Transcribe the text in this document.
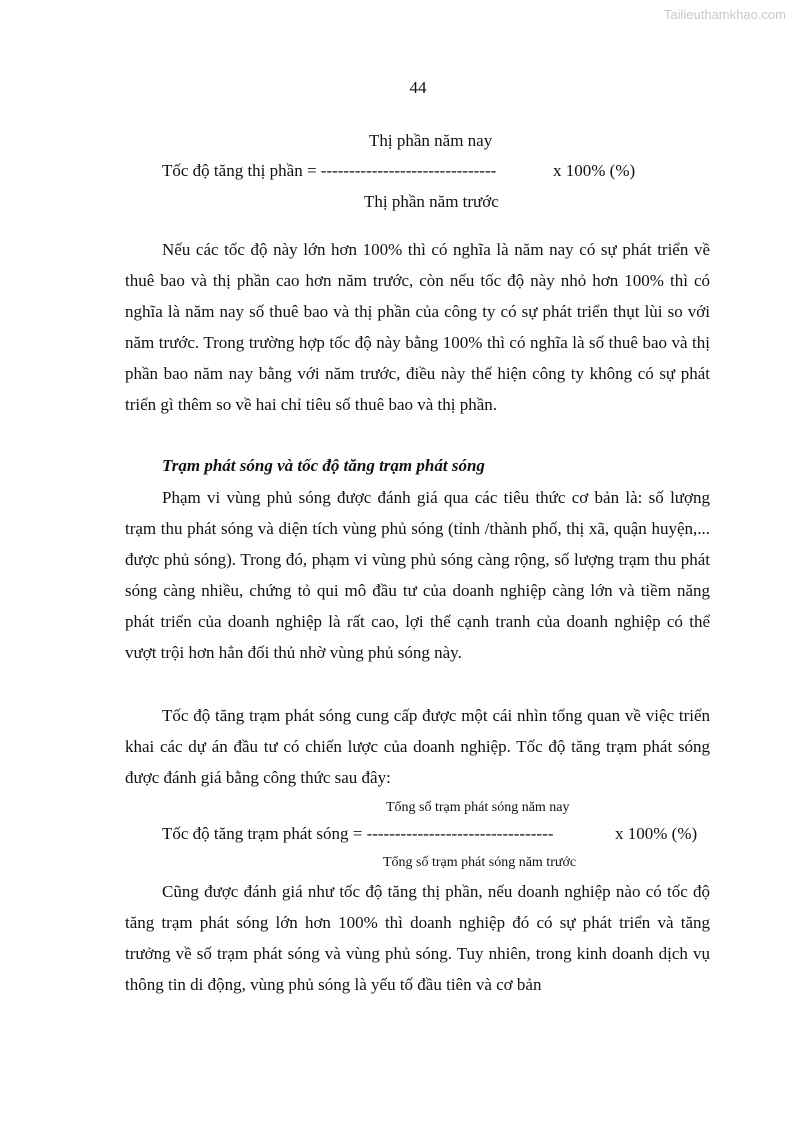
Tailieuthamkhao.com
44
Thị phần năm nay
Tốc độ tăng thị phần = -------------------------------	x 100% (%)
Thị phần năm trước

Nếu các tốc độ này lớn hơn 100% thì có nghĩa là năm nay có sự phát triển về thuê bao và thị phần cao hơn năm trước, còn nếu tốc độ này nhỏ hơn 100% thì có nghĩa là năm nay số thuê bao và thị phần của công ty có sự phát triển thụt lùi so với năm trước. Trong trường hợp tốc độ này bằng 100% thì có nghĩa là số thuê bao và thị phần bao năm nay bằng với năm trước, điều này thể hiện công ty không có sự phát triển gì thêm so về hai chỉ tiêu số thuê bao và thị phần.

Trạm phát sóng và tốc độ tăng trạm phát sóng

Phạm vi vùng phủ sóng được đánh giá qua các tiêu thức cơ bản là: số lượng trạm thu phát sóng và diện tích vùng phủ sóng (tỉnh /thành phố, thị xã, quận huyện,... được phủ sóng). Trong đó, phạm vi vùng phủ sóng càng rộng, số lượng trạm thu phát sóng càng nhiều, chứng tỏ qui mô đầu tư của doanh nghiệp càng lớn và tiềm năng phát triển của doanh nghiệp là rất cao, lợi thế cạnh tranh của doanh nghiệp có thể vượt trội hơn hẳn đối thủ nhờ vùng phủ sóng này.

Tốc độ tăng trạm phát sóng cung cấp được một cái nhìn tổng quan về việc triển khai các dự án đầu tư có chiến lược của doanh nghiệp. Tốc độ tăng trạm phát sóng được đánh giá bằng công thức sau đây:

Tổng số trạm phát sóng năm nay
Tốc độ tăng trạm phát sóng = ---------------------------------	x 100% (%)
Tổng số trạm phát sóng năm trước

Cũng được đánh giá như tốc độ tăng thị phần, nếu doanh nghiệp nào có tốc độ tăng trạm phát sóng lớn hơn 100% thì doanh nghiệp đó có sự phát triển và tăng trưởng về số trạm phát sóng và vùng phủ sóng. Tuy nhiên, trong kinh doanh dịch vụ thông tin di động, vùng phủ sóng là yếu tố đầu tiên và cơ bản
